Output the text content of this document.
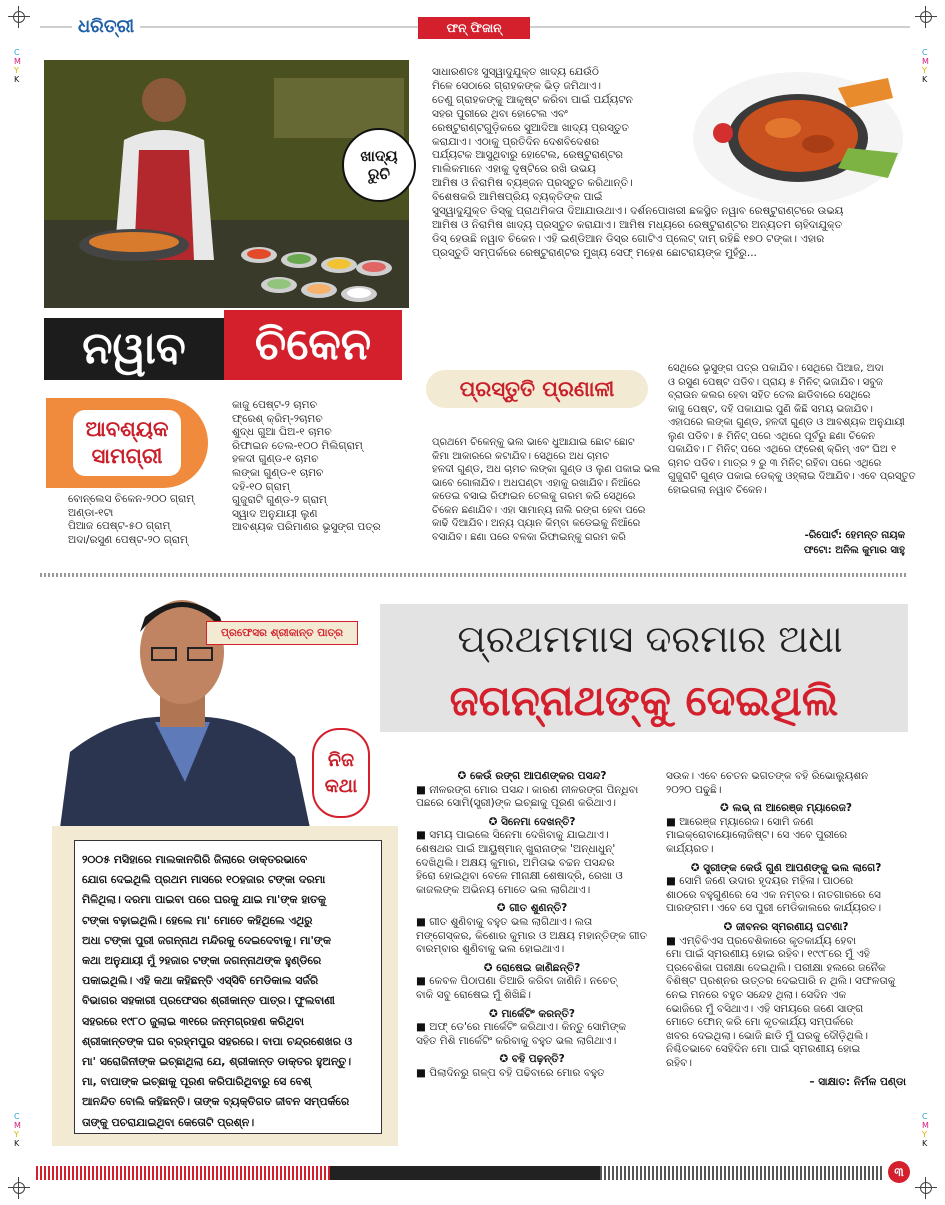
C
M
Y
K
C
M
Y
K
C
M
Y
K
C
M
Y
K
ଧରିତ୍ରୀ	ଫନ୍ ଫିଜାନ୍
ଖାଦ୍ୟ
ରୁଚି
ସାଧାରଣତଃ ସୁସ୍ୱାଦୁଯୁକ୍ତ ଖାଦ୍ୟ ଯେଉଁଠି
ମିଳେ ସେଠାରେ ଗ୍ରାହକଙ୍କ ଭିଡ଼ ଜମିଥାଏ।
ତେଣୁ ଗ୍ରାହକଙ୍କୁ ଆକୃଷ୍ଟ କରିବା ପାଇଁ ପର୍ଯ୍ୟଟନ
ସହର ପୁରୀରେ ଥିବା ହୋଟେଲ ଏବଂ
ରେଷ୍ଟୁରାଣ୍ଟଗୁଡ଼ିକରେ ସୁଆଦିଆ ଖାଦ୍ୟ ପ୍ରସ୍ତୁତ
କରାଯାଏ। ଏଠାକୁ ପ୍ରତିଦିନ ଦେଶବିଦେଶର
ପର୍ଯ୍ୟଟକ ଆସୁଥିବାରୁ ହୋଟେଲ, ରେଷ୍ଟୁରାଣ୍ଟର
ମାଲିକମାନେ ଏହାକୁ ଦୃଷ୍ଟିରେ ରଖି ଉଭୟ
ଆମିଷ ଓ ନିରାମିଷ ବ୍ୟଞ୍ଜନ ପ୍ରସ୍ତୁତ କରିଥାନ୍ତି।
ବିଶେଷକରି ଆମିଷପ୍ରିୟ ବ୍ୟକ୍ତିଙ୍କ ପାଇଁ
ସୁସ୍ୱାଦୁଯୁକ୍ତ ଡିସ୍‌କୁ ପ୍ରାଥମିକତା ଦିଆଯାଉଥାଏ। ଦର୍ଶନପୋଖରୀ ଛକସ୍ଥିତ ନୱାବ ରେଷ୍ଟୁରାଣ୍ଟରେ ଉଭୟ
ଆମିଷ ଓ ନିରାମିଷ ଖାଦ୍ୟ ପ୍ରସ୍ତୁତ କରାଯାଏ। ଆମିଷ ମଧ୍ୟରେ ରେଷ୍ଟୁରାଣ୍ଟର ଅନ୍ୟତମ ଚାହିଦାଯୁକ୍ତ
ଡିସ୍ ହେଉଛି ନୱାବ ଚିକେନ। ଏହି ଇଣ୍ଡିଆନ ଡିସ୍‌ର ଗୋଟିଏ ପ୍ଲେଟ୍ ଦାମ୍ ରହିଛି ୧୭୦ ଟଙ୍କା। ଏହାର
ପ୍ରସ୍ତୁତି ସମ୍ପର୍କରେ ରେଷ୍ଟୁରାଣ୍ଟର ମୁଖ୍ୟ ସେଫ୍ ମହେଶ ଛୋଟରାୟଙ୍କ ମୁହଁରୁ...
ନୱାବ	ଚିକେନ
ଆବଶ୍ୟକ
ସାମଗ୍ରୀ
ବୋନ୍‌ଲେସ ଚିକେନ-୨୦୦ ଗ୍ରାମ୍
ଅଣ୍ଡା-୧ଟା
ପିଆଜ ପେଷ୍ଟ-୫୦ ଗ୍ରାମ୍
ଅଦା/ରସୁଣ ପେଷ୍ଟ-୨୦ ଗ୍ରାମ୍
କାଜୁ ପେଷ୍ଟ-୨ ଚାମଚ
ଫ୍ରେଶ୍ କ୍ରିମ୍-୨ଚାମଚ
ଶୁଦ୍ଧ ଗୁଆ ଘିଅ-୧ ଚାମଚ
ରିଫାଇନ ତେଲ-୧୦୦ ମିଲିଗ୍ରାମ୍
ହଳଦୀ ଗୁଣ୍ଡ-୧ ଚାମଚ
ଲଙ୍କା ଗୁଣ୍ଡ-୧ ଚାମଚ
ଦହି-୧୦ ଗ୍ରାମ୍
ଗୁଜୁରାଟି ଗୁଣ୍ଡ-୨ ଗ୍ରାମ୍
ସ୍ୱାଦ ଅନୁଯାୟୀ ଲୁଣ
ଆବଶ୍ୟକ ପରିମାଣର ଭୃସୁଙ୍ଗ ପତ୍ର
ପ୍ରସ୍ତୁତି ପ୍ରଣାଳୀ
ପ୍ରଥମେ ଚିକେନ୍‌କୁ ଭଲ ଭାବେ ଧୁଆଯାଇ ଛୋଟ ଛୋଟ
କିମା ଆକାରରେ କଟାଯିବ। ସେଥିରେ ଅଧ ଚାମଚ
ହଳଦୀ ଗୁଣ୍ଡ, ଅଧ ଚାମଚ ଲଙ୍କା ଗୁଣ୍ଡ ଓ ଲୁଣ ପକାଇ ଭଲ
ଭାବେ ଗୋଳାଯିବ। ଅଧଘଣ୍ଟା ଏହାକୁ ରଖାଯିବ। ନିଆଁରେ
କଡେଇ ବସାଇ ରିଫାଇନ ତେଲକୁ ଗରମ କରି ସେଥିରେ
ଚିକେନ ଛଣାଯିବ। ଏହା ସାମାନ୍ୟ ନାଲି ରଙ୍ଗ ହେବା ପରେ
କାଢି ଦିଆଯିବ। ଅନ୍ୟ ପ୍ୟାନ କିମ୍ବା କଡେଇକୁ ନିଆଁରେ
ବସାଯିବ। ଛଣା ପରେ ବଳକା ରିଫାଇନ୍‌କୁ ଗରମ କରି
ସେଥିରେ ଭୃସୁଙ୍ଗ ପତ୍ର ପକାଯିବ। ସେଥିରେ ପିଆଜ, ଅଦା
ଓ ରସୁଣ ପେଷ୍ଟ ପଡିବ। ପ୍ରାୟ ୫ ମିନିଟ୍ ଭଜାଯିବ। ସବୁଜ
ବ୍ରାଉନ କଲର ହେବା ସହିତ ତେଲ ଛାଡିବାରେ ସେଥିରେ
କାଜୁ ପେଷ୍ଟ, ଦହି ପକାଯାଇ ପୁଣି କିଛି ସମୟ ଭଜାଯିବ।
ଏହାପରେ ଲଙ୍କା ଗୁଣ୍ଡ, ହଳଦୀ ଗୁଣ୍ଡ ଓ ଆବଶ୍ୟକ ଅନୁଯାୟୀ
ଲୁଣ ପଡିବ। ୫ ମିନିଟ୍ ପରେ ଏଥିରେ ପୂର୍ବରୁ ଛଣା ଚିକେନ
ପକାଯିବ। ୮ ମିନିଟ୍ ପରେ ଏଥିରେ ଫ୍ରେଶ୍ କ୍ରିମ୍ ଏବଂ ଘିଅ ୧
ଚାମଚ ପଡିବ। ମାତ୍ର ୨ ରୁ ୩ ମିନିଟ୍ ରହିବା ପରେ ଏଥିରେ
ଗୁଜୁରାଟି ଗୁଣ୍ଡ ପକାଇ ଡେକ୍‌କୁ ଓହ୍ଲାଇ ଦିଆଯିବ। ଏବେ ପ୍ରସ୍ତୁତ
ହୋଇଗଲା ନୱାବ ଚିକେନ।
-ରିପୋର୍ଟ: ହେମନ୍ତ ନାୟକ
ଫଟୋ: ଅନିଲ କୁମାର ସାହୁ
ପ୍ରଥମମାସ ଦରମାର ଅଧା
ଜଗନ୍ନାଥଙ୍କୁ ଦେଇଥିଲି
ପ୍ରଫେସର ଶ୍ରୀକାନ୍ତ ପାତ୍ର
ନିଜ
କଥା
୨୦୦୫ ମସିହାରେ ମାଲକାନଗିରି ଜିଲାରେ ଡାକ୍ତରଭାବେ
ଯୋଗ ଦେଇଥିଲି ପ୍ରଥମ ମାସରେ ୧୦ହଜାର ଟଙ୍କା ଦରମା
ମିଳିଥିଲା। ଦରମା ପାଇବା ପରେ ଘରକୁ ଯାଇ ମା'ଙ୍କ ହାତକୁ
ଟଙ୍କା ବଢ଼ାଇଥିଲି। ହେଲେ ମା' ମୋତେ କହିଥିଲେ ଏଥିରୁ
ଅଧା ଟଙ୍କା ପୁରୀ ଜଗନ୍ନାଥ ମନ୍ଦିରକୁ ଦେଇଦେବାକୁ। ମା'ଙ୍କ
କଥା ଅନୁଯାୟୀ ମୁଁ ୨ହଜାର ଟଙ୍କା ଜଗନ୍ନାଥଙ୍କ ହୁଣ୍ଡିରେ
ପକାଇଥିଲି। ଏହି କଥା କହିଛନ୍ତି ଏସ୍‌ସିବି ମେଡିକାଲ ସର୍ଜରି
ବିଭାଗର ସହକାରୀ ପ୍ରଫେସର ଶ୍ରୀକାନ୍ତ ପାତ୍ର। ଫୁଲବାଣୀ
ସହରରେ ୧୯୮୦ ଜୁଲାଇ ୩୧ରେ ଜନ୍ମଗ୍ରହଣ କରିଥିବା
ଶ୍ରୀକାନ୍ତଙ୍କ ଘର ବ୍ରହ୍ମପୁର ସହରରେ। ବାପା ଚନ୍ଦ୍ରଶେଖର ଓ
ମା' ସରୋଜିନୀଙ୍କ ଇଚ୍ଛାଥିଲା ଯେ, ଶ୍ରୀକାନ୍ତ ଡାକ୍ତର ହୁଅନ୍ତୁ।
ମା, ବାପାଙ୍କ ଇଚ୍ଛାକୁ ପୂରଣ କରିପାରିଥିବାରୁ ସେ ବେଶ୍
ଆନନ୍ଦିତ ବୋଲି କହିଛନ୍ତି। ତାଙ୍କ ବ୍ୟକ୍ତିଗତ ଜୀବନ ସମ୍ପର୍କରେ
ତାଙ୍କୁ ପଚରାଯାଇଥିବା କେତୋଟି ପ୍ରଶ୍ନ।
✪ କେଉଁ ରଙ୍ଗ ଆପଣଙ୍କର ପସନ୍ଦ?
■ ନୀଳରଙ୍ଗ ମୋର ପସନ୍ଦ। କାରଣ ନୀଳରଙ୍ଗ ପିନ୍ଧିବା
ପଛରେ ସୋମି(ସ୍ତ୍ରୀ)ଙ୍କ ଇଚ୍ଛାକୁ ପୂରଣ କରିଥାଏ।
✪ ସିନେମା ଦେଖନ୍ତି?
■ ସମୟ ପାଇଲେ ସିନେମା ଦେଖିବାକୁ ଯାଇଥାଏ।
ଶେଷଥର ପାଇଁ ଆୟୁଷ୍ମାନ୍ ଖୁରାନାଙ୍କ 'ଅନ୍ଧାଧୁନ୍'
ଦେଖିଥିଲି। ଅକ୍ଷୟ କୁମାର, ଅମିତାଭ ବଚ୍ଚନ ପସନ୍ଦର
ହିରୋ ହୋଇଥିବା ବେଳେ ମୀନାକ୍ଷୀ ଶେଷାଦ୍ରି, ରେଖା ଓ
କାଜଲଙ୍କ ଅଭିନୟ ମୋତେ ଭଲ ଲାଗିଥାଏ।
✪ ଗୀତ ଶୁଣନ୍ତି?
■ ଗୀତ ଶୁଣିବାକୁ ବହୁତ ଭଲ ଲାଗିଥାଏ। ଲତା
ମଙ୍ଗେସ୍କର, କିଶୋର କୁମାର ଓ ଅକ୍ଷୟ ମହାନ୍ତିଙ୍କ ଗୀତ
ବାରମ୍ବାର ଶୁଣିବାକୁ ଭଲ ହୋଇଥାଏ।
✪ ରୋଷେଇ ଜାଣିଛନ୍ତି?
■ କେବଳ ପିଠାପଣା ତିଆରି କରିବା ଜାଣିନି। ନଚେତ୍
ବାକି ସବୁ ରୋଷେଇ ମୁଁ ଶିଖିଛି।
✪ ମାର୍କେଟିଂ କରନ୍ତି?
■ ଅଫ୍ ଡେ'ରେ ମାର୍କେଟିଂ କରିଥାଏ। କିନ୍ତୁ ସୋମିଙ୍କ
ସହିତ ମିଶି ମାର୍କେଟିଂ କରିବାକୁ ବହୁତ ଭଲ ଲାଗିଥାଏ।
✪ ବହି ପଢ଼ନ୍ତି?
■ ପିଲାଦିନରୁ ଗଳ୍ପ ବହି ପଢିବାରେ ମୋର ବହୁତ
ସଉକ। ଏବେ ଚେତନ ଭଗତଙ୍କ ବହି ରିଭୋଲ୍ୟୁଶନ
୨୦୨୦ ପଢୁଛି।
✪ ଲଭ୍ ନା ଆରେଞ୍ଜ ମ୍ୟାରେଜ?
■ ଆରେଞ୍ଜ ମ୍ୟାରେଜ। ସୋମି ଜଣେ
ମାଇକ୍ରୋବାୟୋଲୋଜିଷ୍ଟ। ସେ ଏବେ ପୁରୀରେ
କାର୍ଯ୍ୟରତ।
✪ ସ୍ତ୍ରୀଙ୍କ କେଉଁ ଗୁଣ ଆପଣଙ୍କୁ ଭଲ ଲାଗେ?
■ ସୋମି ଜଣେ ଉଦାର ହୃଦୟର ମହିଳା। ପାଠରେ
ଶାଠରେ ବହୁଗୁଣରେ ସେ ଏକ ନମ୍ବର। ନାତଗାରରେ ସେ
ପାରଙ୍ଗମ। ଏବେ ସେ ପୁରୀ ମେଡିକାଲରେ କାର୍ଯ୍ୟରତ।
✪ ଜୀବନର ସ୍ମରଣୀୟ ଘଟଣା?
■ ଏମ୍‌ବିବିଏସ ପ୍ରବେଶିକାରେ କୃତକାର୍ଯ୍ୟ ହେବା
ମୋ ପାଇଁ ସ୍ମରଣୀୟ ହୋଇ ରହିବ। ୧୯୯୮ରେ ମୁଁ ଏହି
ପ୍ରବେଶିକା ପରୀକ୍ଷା ଦେଇଥିଲି। ପରୀକ୍ଷା ହଲରେ ଜନୈକ
ବିଶିଷ୍ଟ ପ୍ରଶ୍ନର ଉତ୍ତର ଦେଇପାରି ନ ଥିଲି। ସଫଳତାକୁ
ନେଇ ମନରେ ବହୁତ ସନ୍ଦେହ ଥିଲା। ସେଦିନ ଏକ
ଭୋଜିରେ ମୁଁ ବସିଥାଏ। ଏହି ସମୟରେ ଜଣେ ସାଙ୍ଗ
ମୋତେ ଫୋନ୍ କରି ମୋ କୃତକାର୍ଯ୍ୟ ସମ୍ପର୍କରେ
ଖବର ଦେଇଥିଲା। ଭୋଜି ଛାଡି ମୁଁ ଘରକୁ ଦୌଡ଼ିଥିଲି।
ନିଶ୍ଚିତଭାବେ ସେହିଦିନ ମୋ ପାଇଁ ସ୍ମରଣୀୟ ହୋଇ
ରହିବ।
– ସାକ୍ଷାତ: ନିର୍ମଳ ପଣ୍ଡା
୩
